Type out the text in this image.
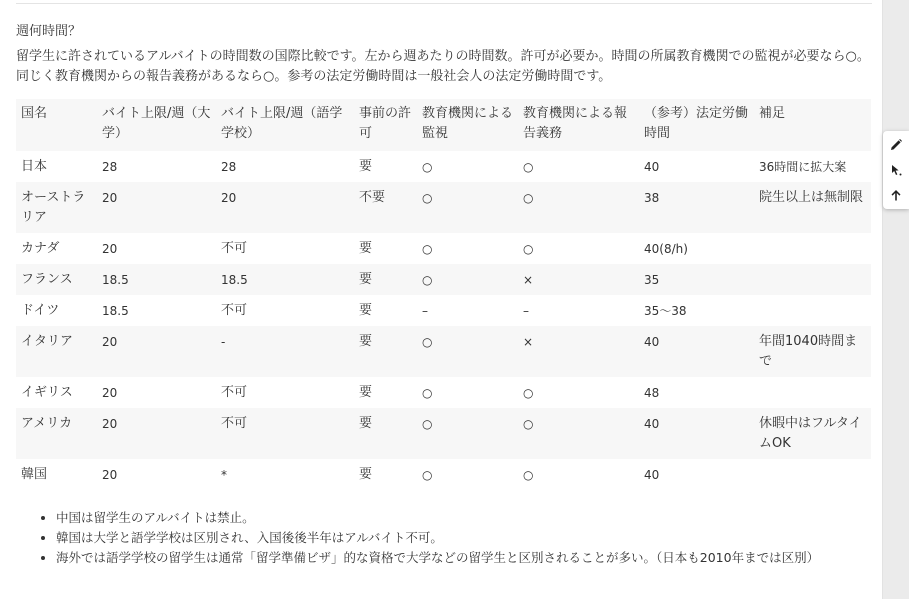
週何時間？
留学生に許されているアルバイトの時間数の国際比較です。左から週あたりの時間数。許可が必要か。時間の所属教育機関での監視が必要なら○。同じく教育機関からの報告義務があるなら○。参考の法定労働時間は一般社会人の法定労働時間です。
国名	バイト上限/週（大学）	バイト上限/週（語学学校）	事前の許可	教育機関による監視	教育機関による報告義務	（参考）法定労働時間	補足
日本	28	28	要	○	○	40	36時間に拡大案
オーストラリア	20	20	不要	○	○	38	院生以上は無制限
カナダ	20	不可	要	○	○	40(8/h)	
フランス	18.5	18.5	要	○	×	35	
ドイツ	18.5	不可	要	–	–	35〜38	
イタリア	20	-	要	○	×	40	年間1040時間まで
イギリス	20	不可	要	○	○	48	
アメリカ	20	不可	要	○	○	40	休暇中はフルタイムOK
韓国	20	*	要	○	○	40	
• 中国は留学生のアルバイトは禁止。
• 韓国は大学と語学学校は区別され、入国後後半年はアルバイト不可。
• 海外では語学学校の留学生は通常「留学準備ビザ」的な資格で大学などの留学生と区別されることが多い。（日本も2010年までは区別）
